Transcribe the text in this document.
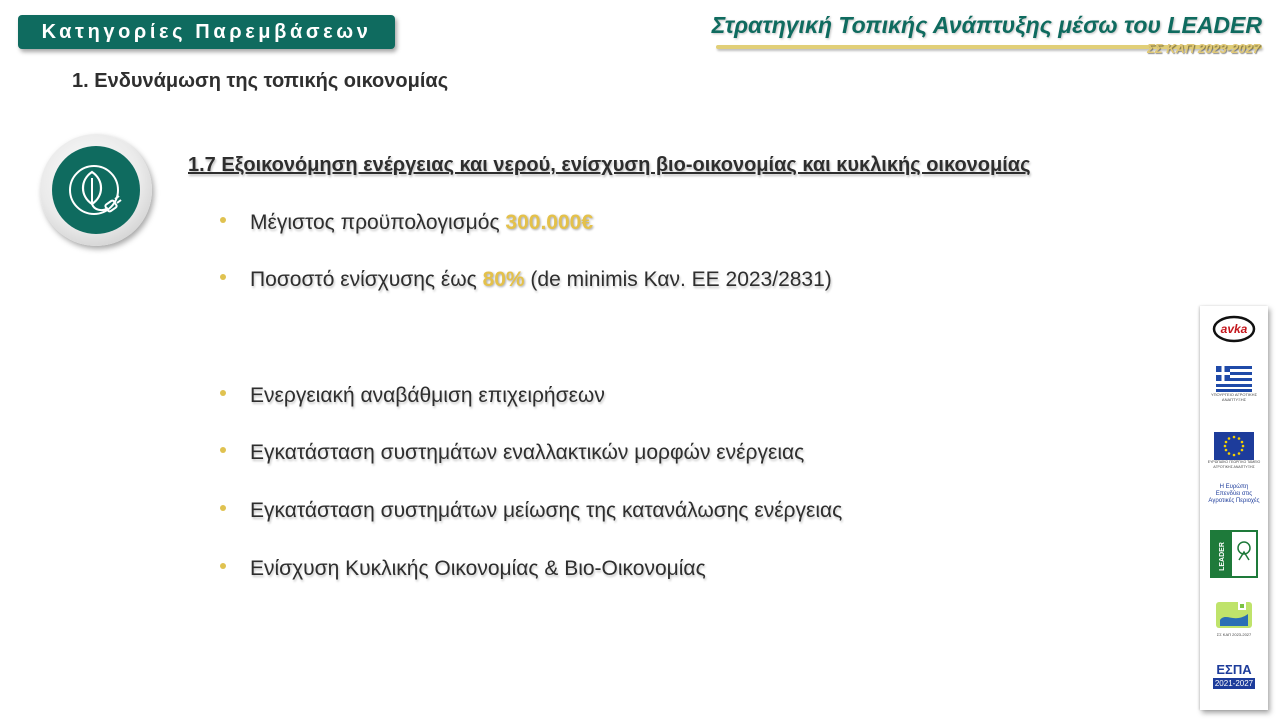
Κατηγορίες Παρεμβάσεων	Στρατηγική Τοπικής Ανάπτυξης μέσω του LEADER
ΣΣ ΚΑΠ 2023-2027
1. Ενδυνάμωση της τοπικής οικονομίας
1.7 Εξοικονόμηση ενέργειας και νερού, ενίσχυση βιο-οικονομίας και κυκλικής οικονομίας
Μέγιστος προϋπολογισμός 300.000€
Ποσοστό ενίσχυσης έως 80% (de minimis Καν. ΕΕ 2023/2831)
Ενεργειακή αναβάθμιση επιχειρήσεων
Εγκατάσταση συστημάτων εναλλακτικών μορφών ενέργειας
Εγκατάσταση συστημάτων μείωσης της κατανάλωσης ενέργειας
Ενίσχυση Κυκλικής Οικονομίας & Βιο-Οικονομίας
avka
ΥΠΟΥΡΓΕΙΟ ΑΓΡΟΤΙΚΗΣ ΑΝΑΠΤΥΞΗΣ
ΕΥΡΩΠΑΪΚΟ ΓΕΩΡΓΙΚΟ ΤΑΜΕΙΟ ΑΓΡΟΤΙΚΗΣ ΑΝΑΠΤΥΞΗΣ
Η Ευρώπη Επενδύει στις Αγροτικές Περιοχές
LEADER
ΣΣ ΚΑΠ 2023-2027
ΕΣΠΑ
2021-2027
